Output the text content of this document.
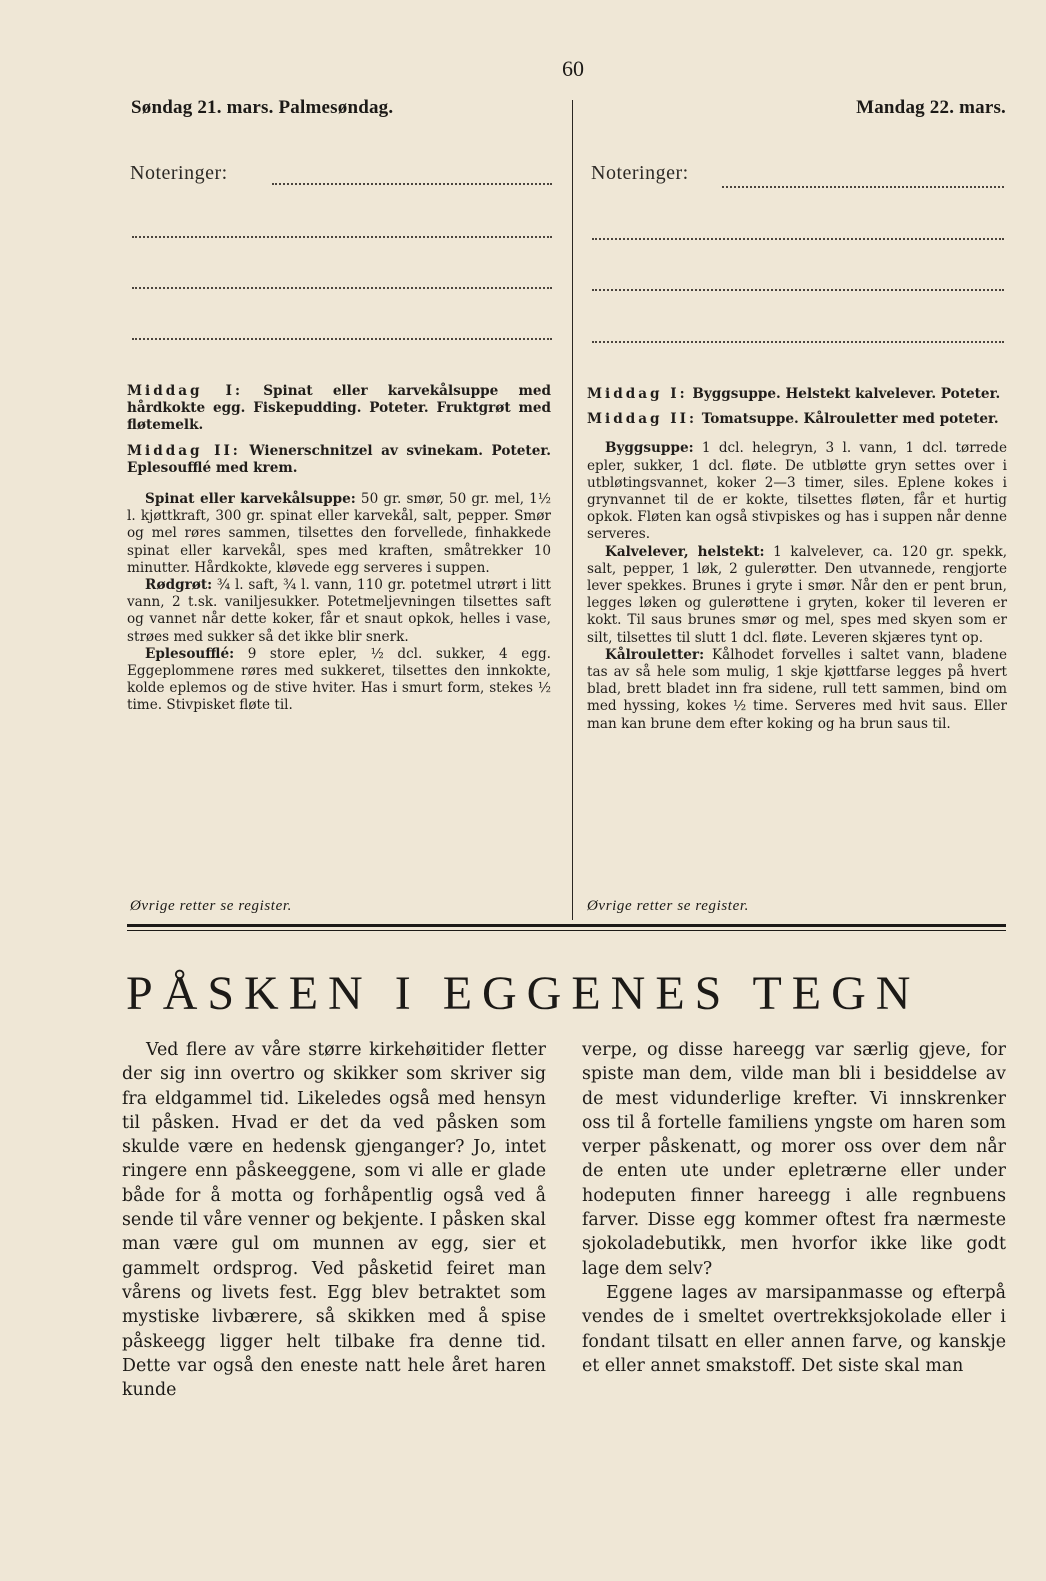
60
Søndag 21. mars. Palmesøndag.	Mandag 22. mars.
Noteringer:	Noteringer:

Middag I: Spinat eller karvekålsuppe med hårdkokte egg. Fiskepudding. Poteter. Fruktgrøt med fløtemelk.

Middag II: Wienerschnitzel av svinekam. Poteter. Eplesoufflé med krem.

Spinat eller karvekålsuppe: 50 gr. smør, 50 gr. mel, 1½ l. kjøttkraft, 300 gr. spinat eller karvekål, salt, pepper. Smør og mel røres sammen, tilsettes den forvellede, finhakkede spinat eller karvekål, spes med kraften, småtrekker 10 minutter. Hårdkokte, kløvede egg serveres i suppen.

Rødgrøt: ¾ l. saft, ¾ l. vann, 110 gr. potetmel utrørt i litt vann, 2 t.sk. vaniljesukker. Potetmeljevningen tilsettes saft og vannet når dette koker, får et snaut opkok, helles i vase, strøes med sukker så det ikke blir snerk.

Eplesoufflé: 9 store epler, ½ dcl. sukker, 4 egg. Eggeplommene røres med sukkeret, tilsettes den innkokte, kolde eplemos og de stive hviter. Has i smurt form, stekes ½ time. Stivpisket fløte til.

Middag I: Byggsuppe. Helstekt kalvelever. Poteter.

Middag II: Tomatsuppe. Kålrouletter med poteter.

Byggsuppe: 1 dcl. helegryn, 3 l. vann, 1 dcl. tørrede epler, sukker, 1 dcl. fløte. De utbløtte gryn settes over i utbløtingsvannet, koker 2—3 timer, siles. Eplene kokes i grynvannet til de er kokte, tilsettes fløten, får et hurtig opkok. Fløten kan også stivpiskes og has i suppen når denne serveres.

Kalvelever, helstekt: 1 kalvelever, ca. 120 gr. spekk, salt, pepper, 1 løk, 2 gulerøtter. Den utvannede, rengjorte lever spekkes. Brunes i gryte i smør. Når den er pent brun, legges løken og gulerøttene i gryten, koker til leveren er kokt. Til saus brunes smør og mel, spes med skyen som er silt, tilsettes til slutt 1 dcl. fløte. Leveren skjæres tynt op.

Kålrouletter: Kålhodet forvelles i saltet vann, bladene tas av så hele som mulig, 1 skje kjøttfarse legges på hvert blad, brett bladet inn fra sidene, rull tett sammen, bind om med hyssing, kokes ½ time. Serveres med hvit saus. Eller man kan brune dem efter koking og ha brun saus til.

Øvrige retter se register.	Øvrige retter se register.
PÅSKEN I EGGENES TEGN

Ved flere av våre større kirkehøitider fletter der sig inn overtro og skikker som skriver sig fra eldgammel tid. Likeledes også med hensyn til påsken. Hvad er det da ved påsken som skulde være en hedensk gjenganger? Jo, intet ringere enn påskeeggene, som vi alle er glade både for å motta og forhåpentlig også ved å sende til våre venner og bekjente. I påsken skal man være gul om munnen av egg, sier et gammelt ordsprog. Ved påsketid feiret man vårens og livets fest. Egg blev betraktet som mystiske livbærere, så skikken med å spise påskeegg ligger helt tilbake fra denne tid. Dette var også den eneste natt hele året haren kunde

verpe, og disse hareegg var særlig gjeve, for spiste man dem, vilde man bli i besiddelse av de mest vidunderlige krefter. Vi innskrenker oss til å fortelle familiens yngste om haren som verper påskenatt, og morer oss over dem når de enten ute under epletrærne eller under hodeputen finner hareegg i alle regnbuens farver. Disse egg kommer oftest fra nærmeste sjokoladebutikk, men hvorfor ikke like godt lage dem selv?

Eggene lages av marsipanmasse og efterpå vendes de i smeltet overtrekksjokolade eller i fondant tilsatt en eller annen farve, og kanskje et eller annet smakstoff. Det siste skal man
